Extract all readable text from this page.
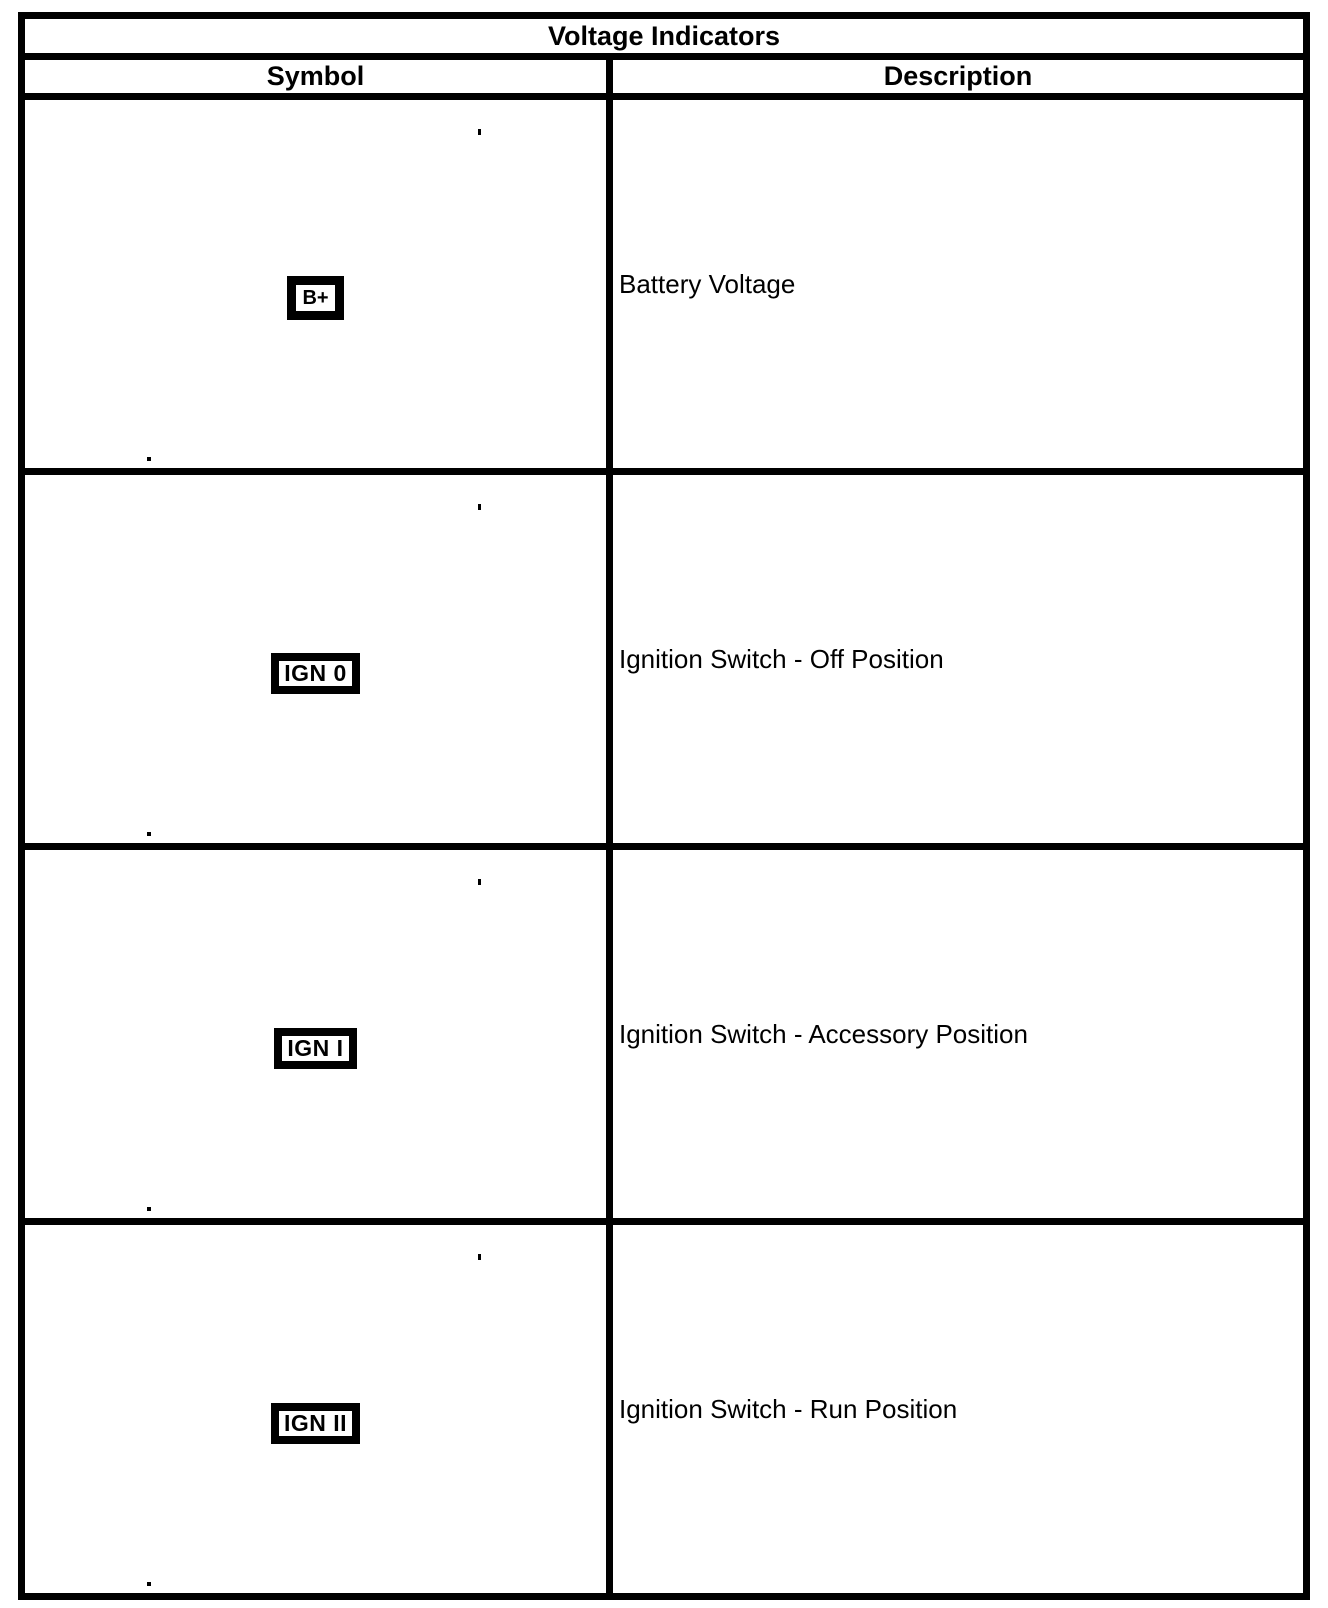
Voltage Indicators
Symbol	Description
B+	Battery Voltage
IGN 0	Ignition Switch - Off Position
IGN I	Ignition Switch - Accessory Position
IGN II	Ignition Switch - Run Position
